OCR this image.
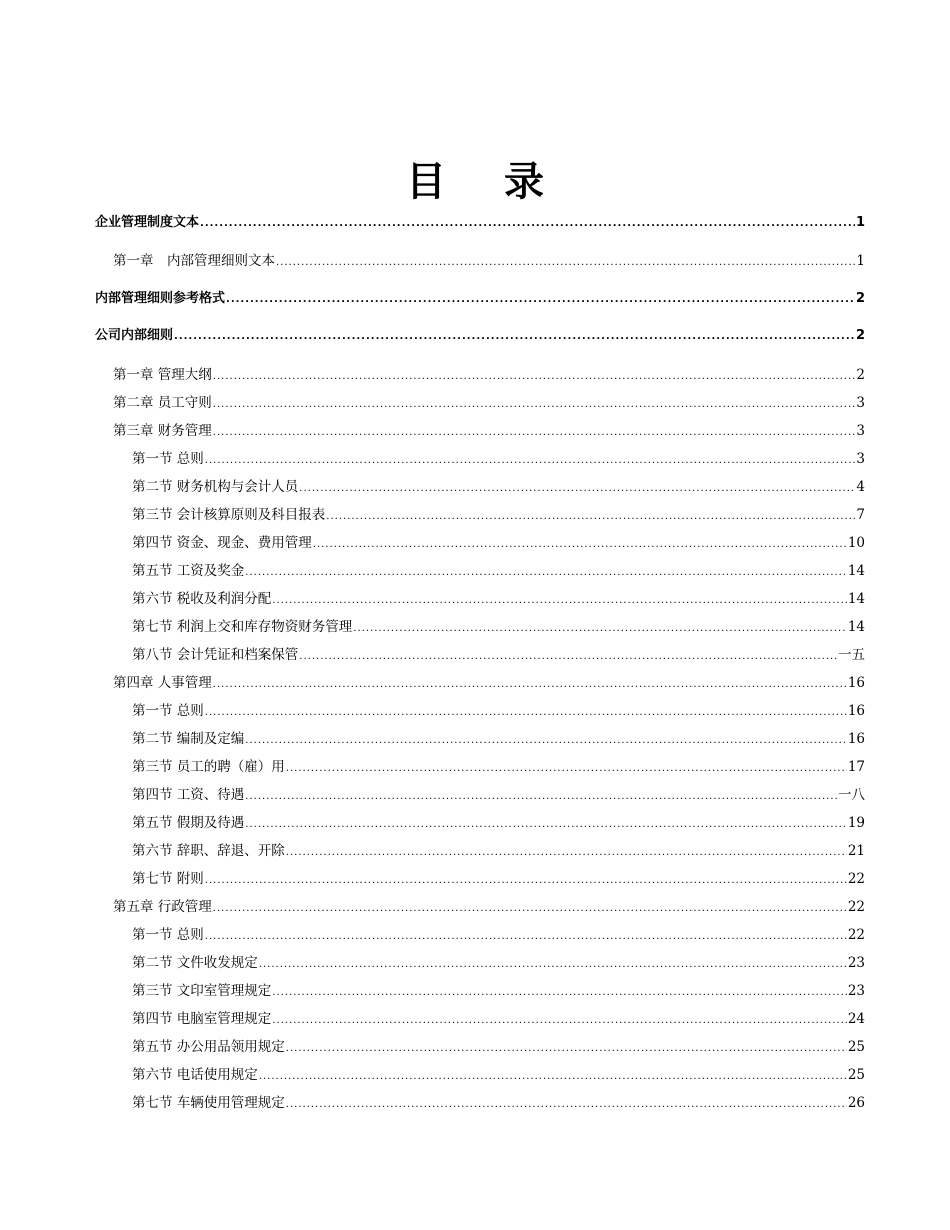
目 录
企业管理制度文本 .....	1
第一章　内部管理细则文本 .....	1
内部管理细则参考格式 .....	2
公司内部细则 .....	2
第一章 管理大纲 .....	2
第二章 员工守则 .....	3
第三章 财务管理 .....	3
第一节 总则 .....	3
第二节 财务机构与会计人员 .....	4
第三节 会计核算原则及科目报表 .....	7
第四节 资金、现金、费用管理 .....	10
第五节 工资及奖金 .....	14
第六节 税收及利润分配 .....	14
第七节 利润上交和库存物资财务管理 .....	14
第八节 会计凭证和档案保管 .....	一五
第四章 人事管理 .....	16
第一节 总则 .....	16
第二节 编制及定编 .....	16
第三节 员工的聘（雇）用 .....	17
第四节 工资、待遇 .....	一八
第五节 假期及待遇 .....	19
第六节 辞职、辞退、开除 .....	21
第七节 附则 .....	22
第五章 行政管理 .....	22
第一节 总则 .....	22
第二节 文件收发规定 .....	23
第三节 文印室管理规定 .....	23
第四节 电脑室管理规定 .....	24
第五节 办公用品领用规定 .....	25
第六节 电话使用规定 .....	25
第七节 车辆使用管理规定 .....	26
